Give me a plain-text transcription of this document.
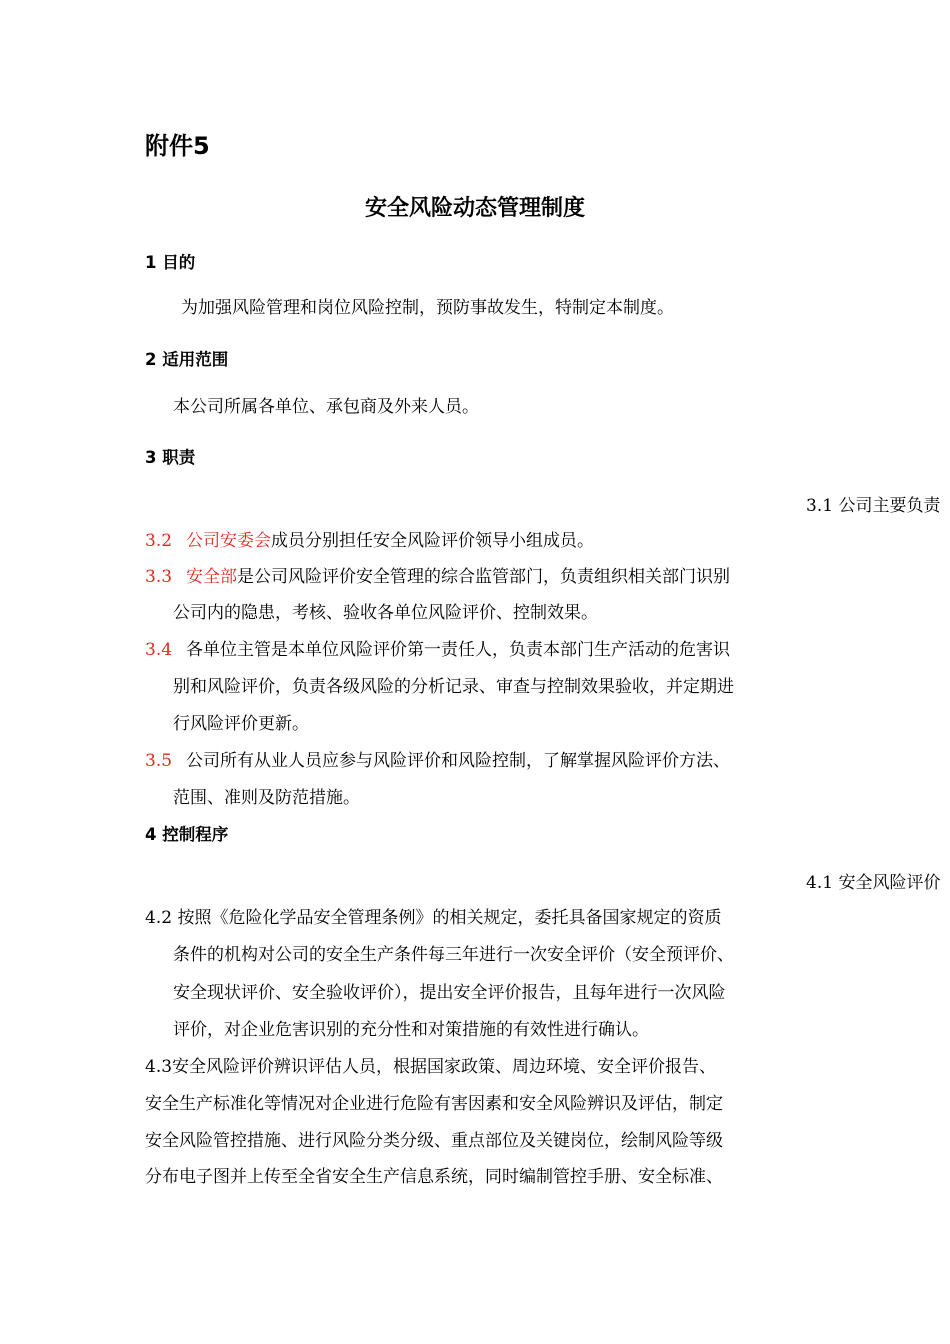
附件5
安全风险动态管理制度
1 目的
为加强风险管理和岗位风险控制，预防事故发生，特制定本制度。
2 适用范围
本公司所属各单位、承包商及外来人员。
3 职责
3.1 公司主要负责
3.2 公司安委会成员分别担任安全风险评价领导小组成员。
3.3 安全部是公司风险评价安全管理的综合监管部门，负责组织相关部门识别
公司内的隐患，考核、验收各单位风险评价、控制效果。
3.4 各单位主管是本单位风险评价第一责任人，负责本部门生产活动的危害识
别和风险评价，负责各级风险的分析记录、审查与控制效果验收，并定期进
行风险评价更新。
3.5 公司所有从业人员应参与风险评价和风险控制，了解掌握风险评价方法、
范围、准则及防范措施。
4 控制程序
4.1 安全风险评价
4.2 按照《危险化学品安全管理条例》的相关规定，委托具备国家规定的资质
条件的机构对公司的安全生产条件每三年进行一次安全评价（安全预评价、
安全现状评价、安全验收评价），提出安全评价报告，且每年进行一次风险
评价，对企业危害识别的充分性和对策措施的有效性进行确认。
4.3安全风险评价辨识评估人员，根据国家政策、周边环境、安全评价报告、
安全生产标准化等情况对企业进行危险有害因素和安全风险辨识及评估，制定
安全风险管控措施、进行风险分类分级、重点部位及关键岗位，绘制风险等级
分布电子图并上传至全省安全生产信息系统，同时编制管控手册、安全标准、
